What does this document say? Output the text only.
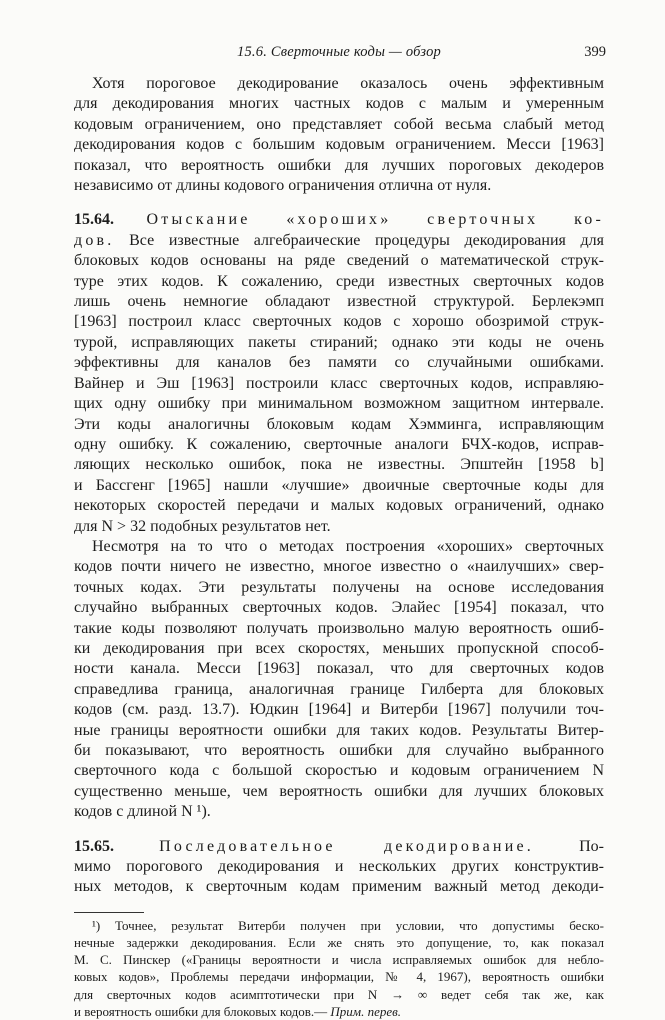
15.6. Сверточные коды — обзор	399
Хотя пороговое декодирование оказалось очень эффективным
для декодирования многих частных кодов с малым и умеренным
кодовым ограничением, оно представляет собой весьма слабый метод
декодирования кодов с большим кодовым ограничением. Месси [1963]
показал, что вероятность ошибки для лучших пороговых декодеров
независимо от длины кодового ограничения отлична от нуля.
15.64. Отыскание «хороших» сверточных ко-
дов. Все известные алгебраические процедуры декодирования для
блоковых кодов основаны на ряде сведений о математической струк-
туре этих кодов. К сожалению, среди известных сверточных кодов
лишь очень немногие обладают известной структурой. Берлекэмп
[1963] построил класс сверточных кодов с хорошо обозримой струк-
турой, исправляющих пакеты стираний; однако эти коды не очень
эффективны для каналов без памяти со случайными ошибками.
Вайнер и Эш [1963] построили класс сверточных кодов, исправляю-
щих одну ошибку при минимальном возможном защитном интервале.
Эти коды аналогичны блоковым кодам Хэмминга, исправляющим
одну ошибку. К сожалению, сверточные аналоги БЧХ-кодов, исправ-
ляющих несколько ошибок, пока не известны. Эпштейн [1958 b]
и Бассгенг [1965] нашли «лучшие» двоичные сверточные коды для
некоторых скоростей передачи и малых кодовых ограничений, однако
для N > 32 подобных результатов нет.
Несмотря на то что о методах построения «хороших» сверточных
кодов почти ничего не известно, многое известно о «наилучших» свер-
точных кодах. Эти результаты получены на основе исследования
случайно выбранных сверточных кодов. Элайес [1954] показал, что
такие коды позволяют получать произвольно малую вероятность ошиб-
ки декодирования при всех скоростях, меньших пропускной способ-
ности канала. Месси [1963] показал, что для сверточных кодов
справедлива граница, аналогичная границе Гилберта для блоковых
кодов (см. разд. 13.7). Юдкин [1964] и Витерби [1967] получили точ-
ные границы вероятности ошибки для таких кодов. Результаты Витер-
би показывают, что вероятность ошибки для случайно выбранного
сверточного кода с большой скоростью и кодовым ограничением N
существенно меньше, чем вероятность ошибки для лучших блоковых
кодов с длиной N ¹).
15.65.	Последовательное декодирование.	По-
мимо порогового декодирования и нескольких других конструктив-
ных методов, к сверточным кодам применим важный метод декоди-
¹) Точнее, результат Витерби получен при условии, что допустимы беско-
нечные задержки декодирования. Если же снять это допущение, то, как показал
М. С. Пинскер («Границы вероятности и числа исправляемых ошибок для небло-
ковых кодов», Проблемы передачи информации, № 4, 1967), вероятность ошибки
для сверточных кодов асимптотически при N → ∞ ведет себя так же, как
и вероятность ошибки для блоковых кодов.— Прим. перев.
